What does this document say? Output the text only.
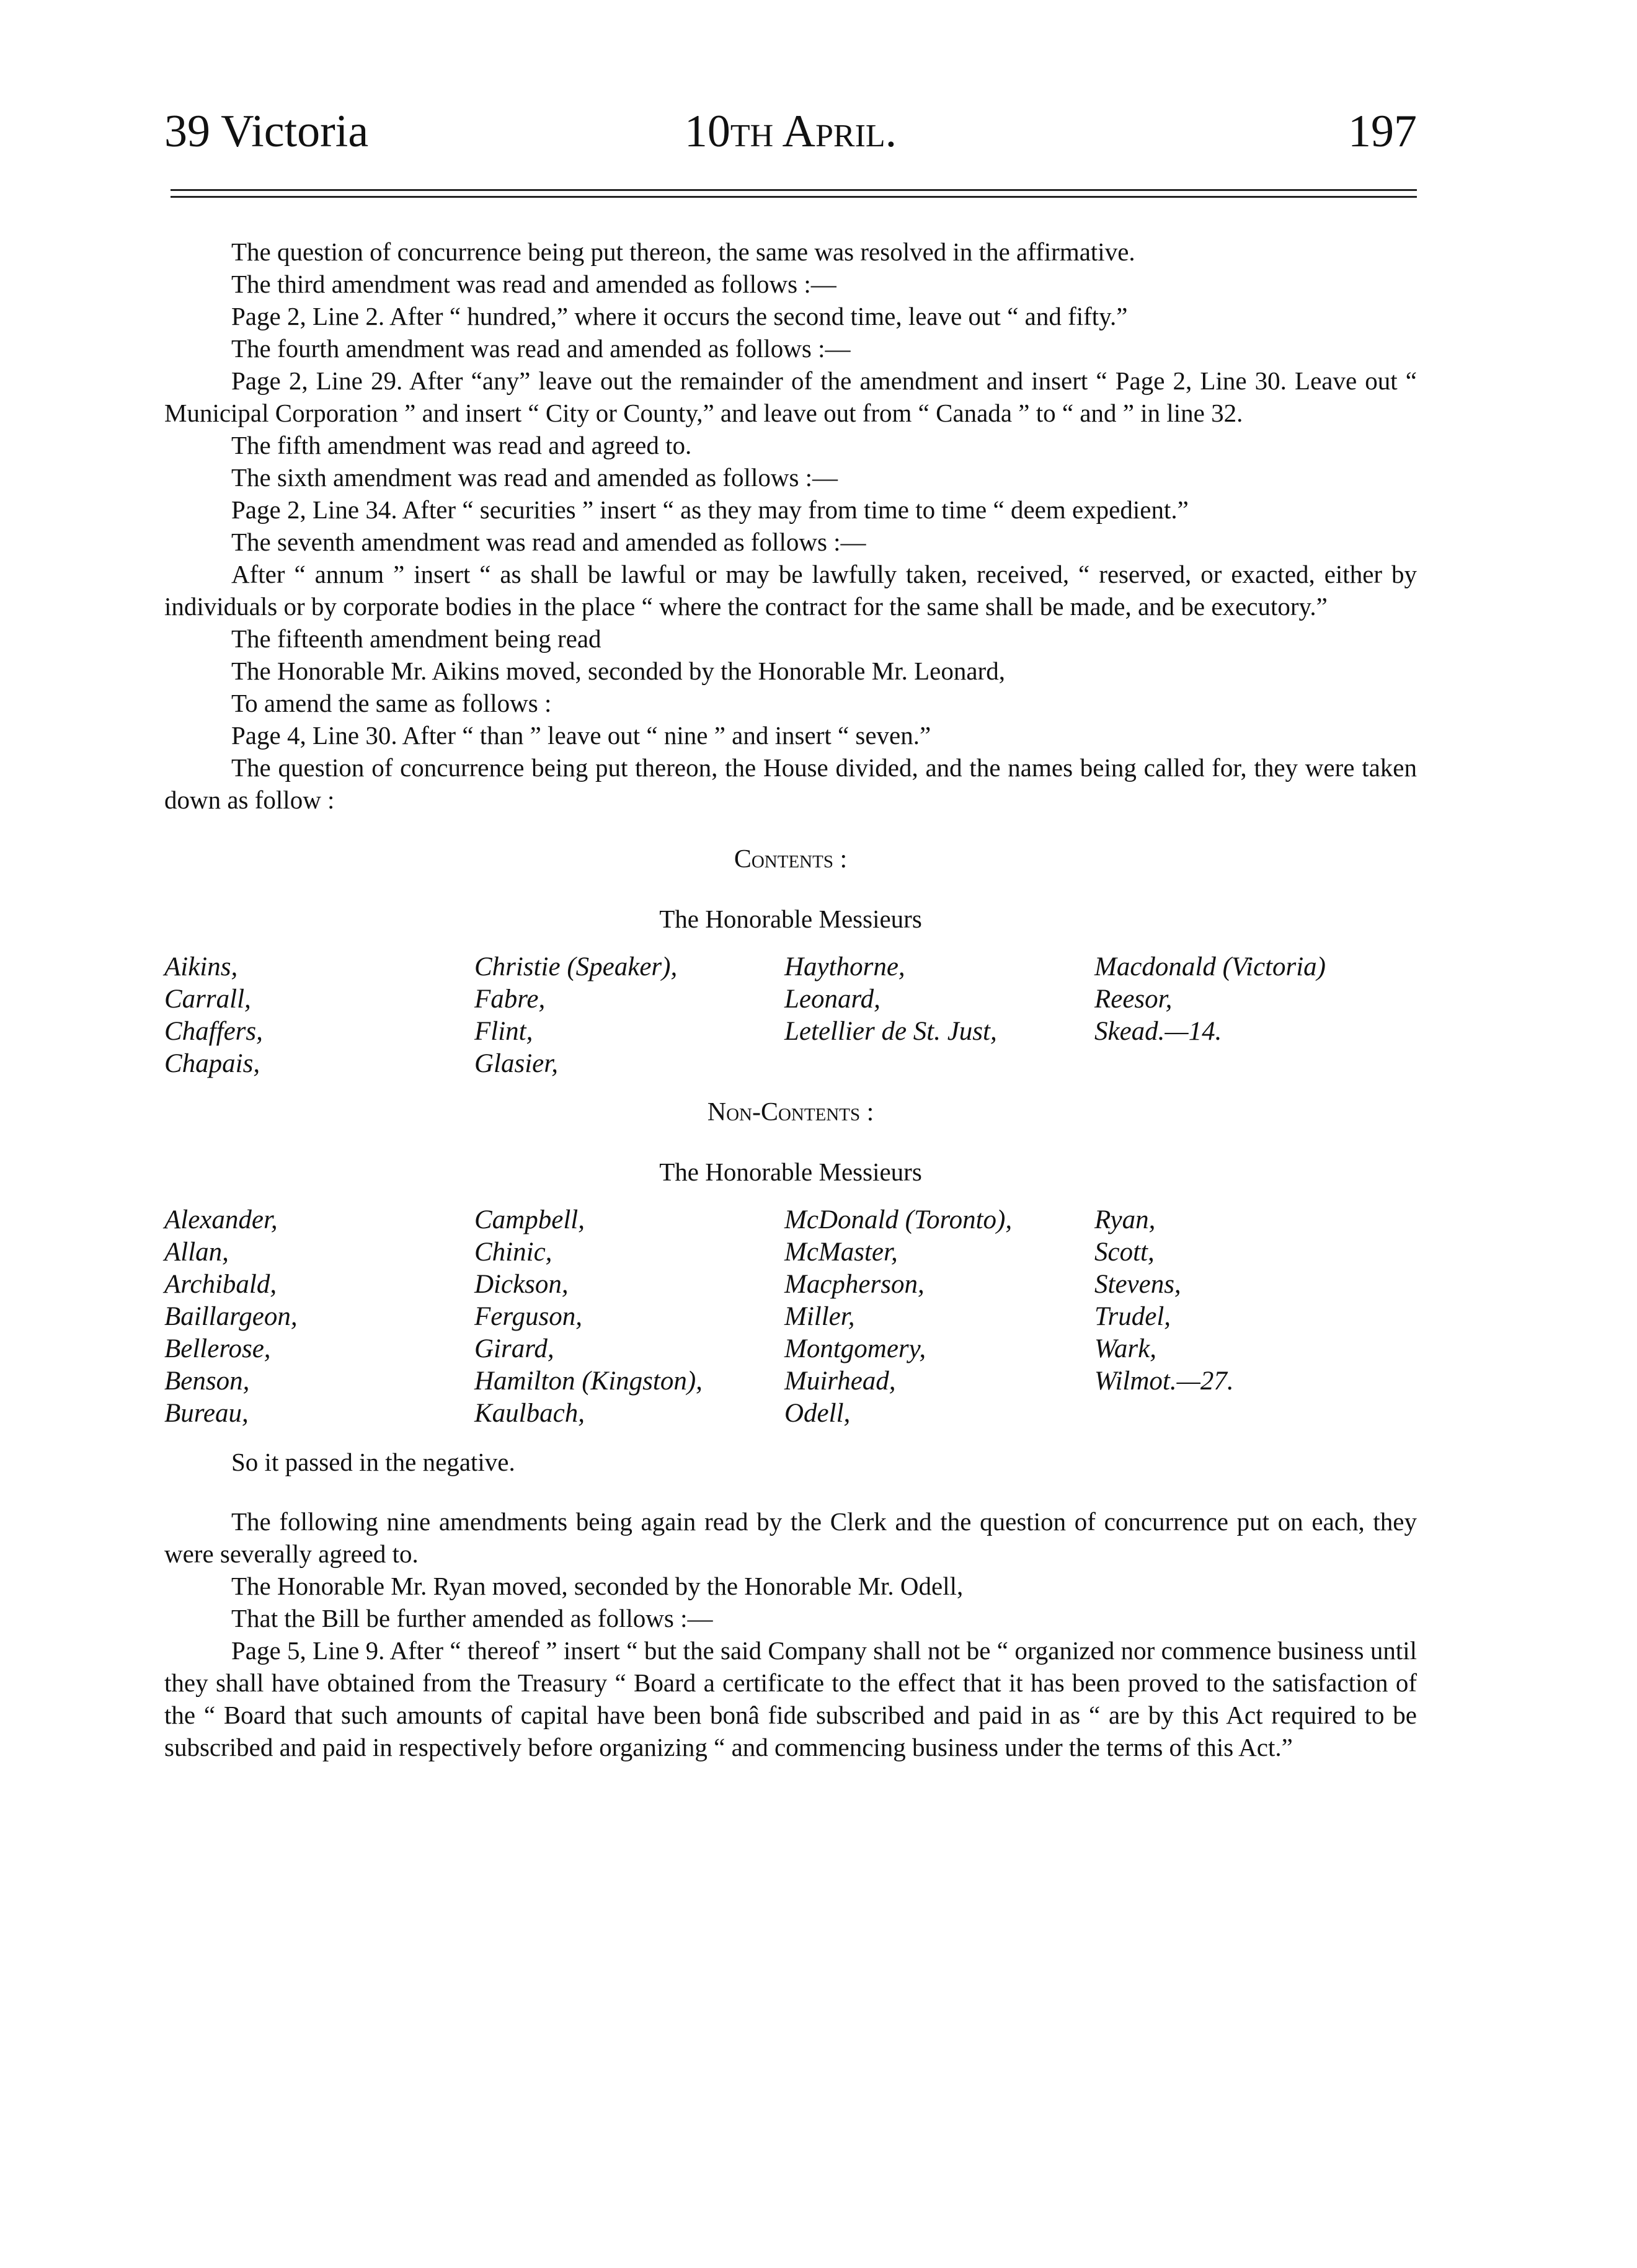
39 Victoria	10th April.	197

The question of concurrence being put thereon, the same was resolved in the affirmative.

The third amendment was read and amended as follows :—

Page 2, Line 2. After “ hundred,” where it occurs the second time, leave out “ and fifty.”

The fourth amendment was read and amended as follows :—

Page 2, Line 29. After “any” leave out the remainder of the amendment and insert “ Page 2, Line 30. Leave out “ Municipal Corporation ” and insert “ City or County,” and leave out from “ Canada ” to “ and ” in line 32.

The fifth amendment was read and agreed to.

The sixth amendment was read and amended as follows :—

Page 2, Line 34. After “ securities ” insert “ as they may from time to time “ deem expedient.”

The seventh amendment was read and amended as follows :—

After “ annum ” insert “ as shall be lawful or may be lawfully taken, received, “ reserved, or exacted, either by individuals or by corporate bodies in the place “ where the contract for the same shall be made, and be executory.”

The fifteenth amendment being read

The Honorable Mr. Aikins moved, seconded by the Honorable Mr. Leonard,

To amend the same as follows :

Page 4, Line 30. After “ than ” leave out “ nine ” and insert “ seven.”

The question of concurrence being put thereon, the House divided, and the names being called for, they were taken down as follow :

Contents :
The Honorable Messieurs
Aikins,	Christie (Speaker),	Haythorne,	Macdonald (Victoria)
Carrall,	Fabre,	Leonard,	Reesor,
Chaffers,	Flint,	Letellier de St. Just,	Skead.—14.
Chapais,	Glasier,
Non-Contents :
The Honorable Messieurs
Alexander,	Campbell,	McDonald (Toronto),	Ryan,
Allan,	Chinic,	McMaster,	Scott,
Archibald,	Dickson,	Macpherson,	Stevens,
Baillargeon,	Ferguson,	Miller,	Trudel,
Bellerose,	Girard,	Montgomery,	Wark,
Benson,	Hamilton (Kingston),	Muirhead,	Wilmot.—27.
Bureau,	Kaulbach,	Odell,

So it passed in the negative.

The following nine amendments being again read by the Clerk and the question of concurrence put on each, they were severally agreed to.

The Honorable Mr. Ryan moved, seconded by the Honorable Mr. Odell,

That the Bill be further amended as follows :—

Page 5, Line 9. After “ thereof ” insert “ but the said Company shall not be “ organized nor commence business until they shall have obtained from the Treasury “ Board a certificate to the effect that it has been proved to the satisfaction of the “ Board that such amounts of capital have been bonâ fide subscribed and paid in as “ are by this Act required to be subscribed and paid in respectively before organizing “ and commencing business under the terms of this Act.”
